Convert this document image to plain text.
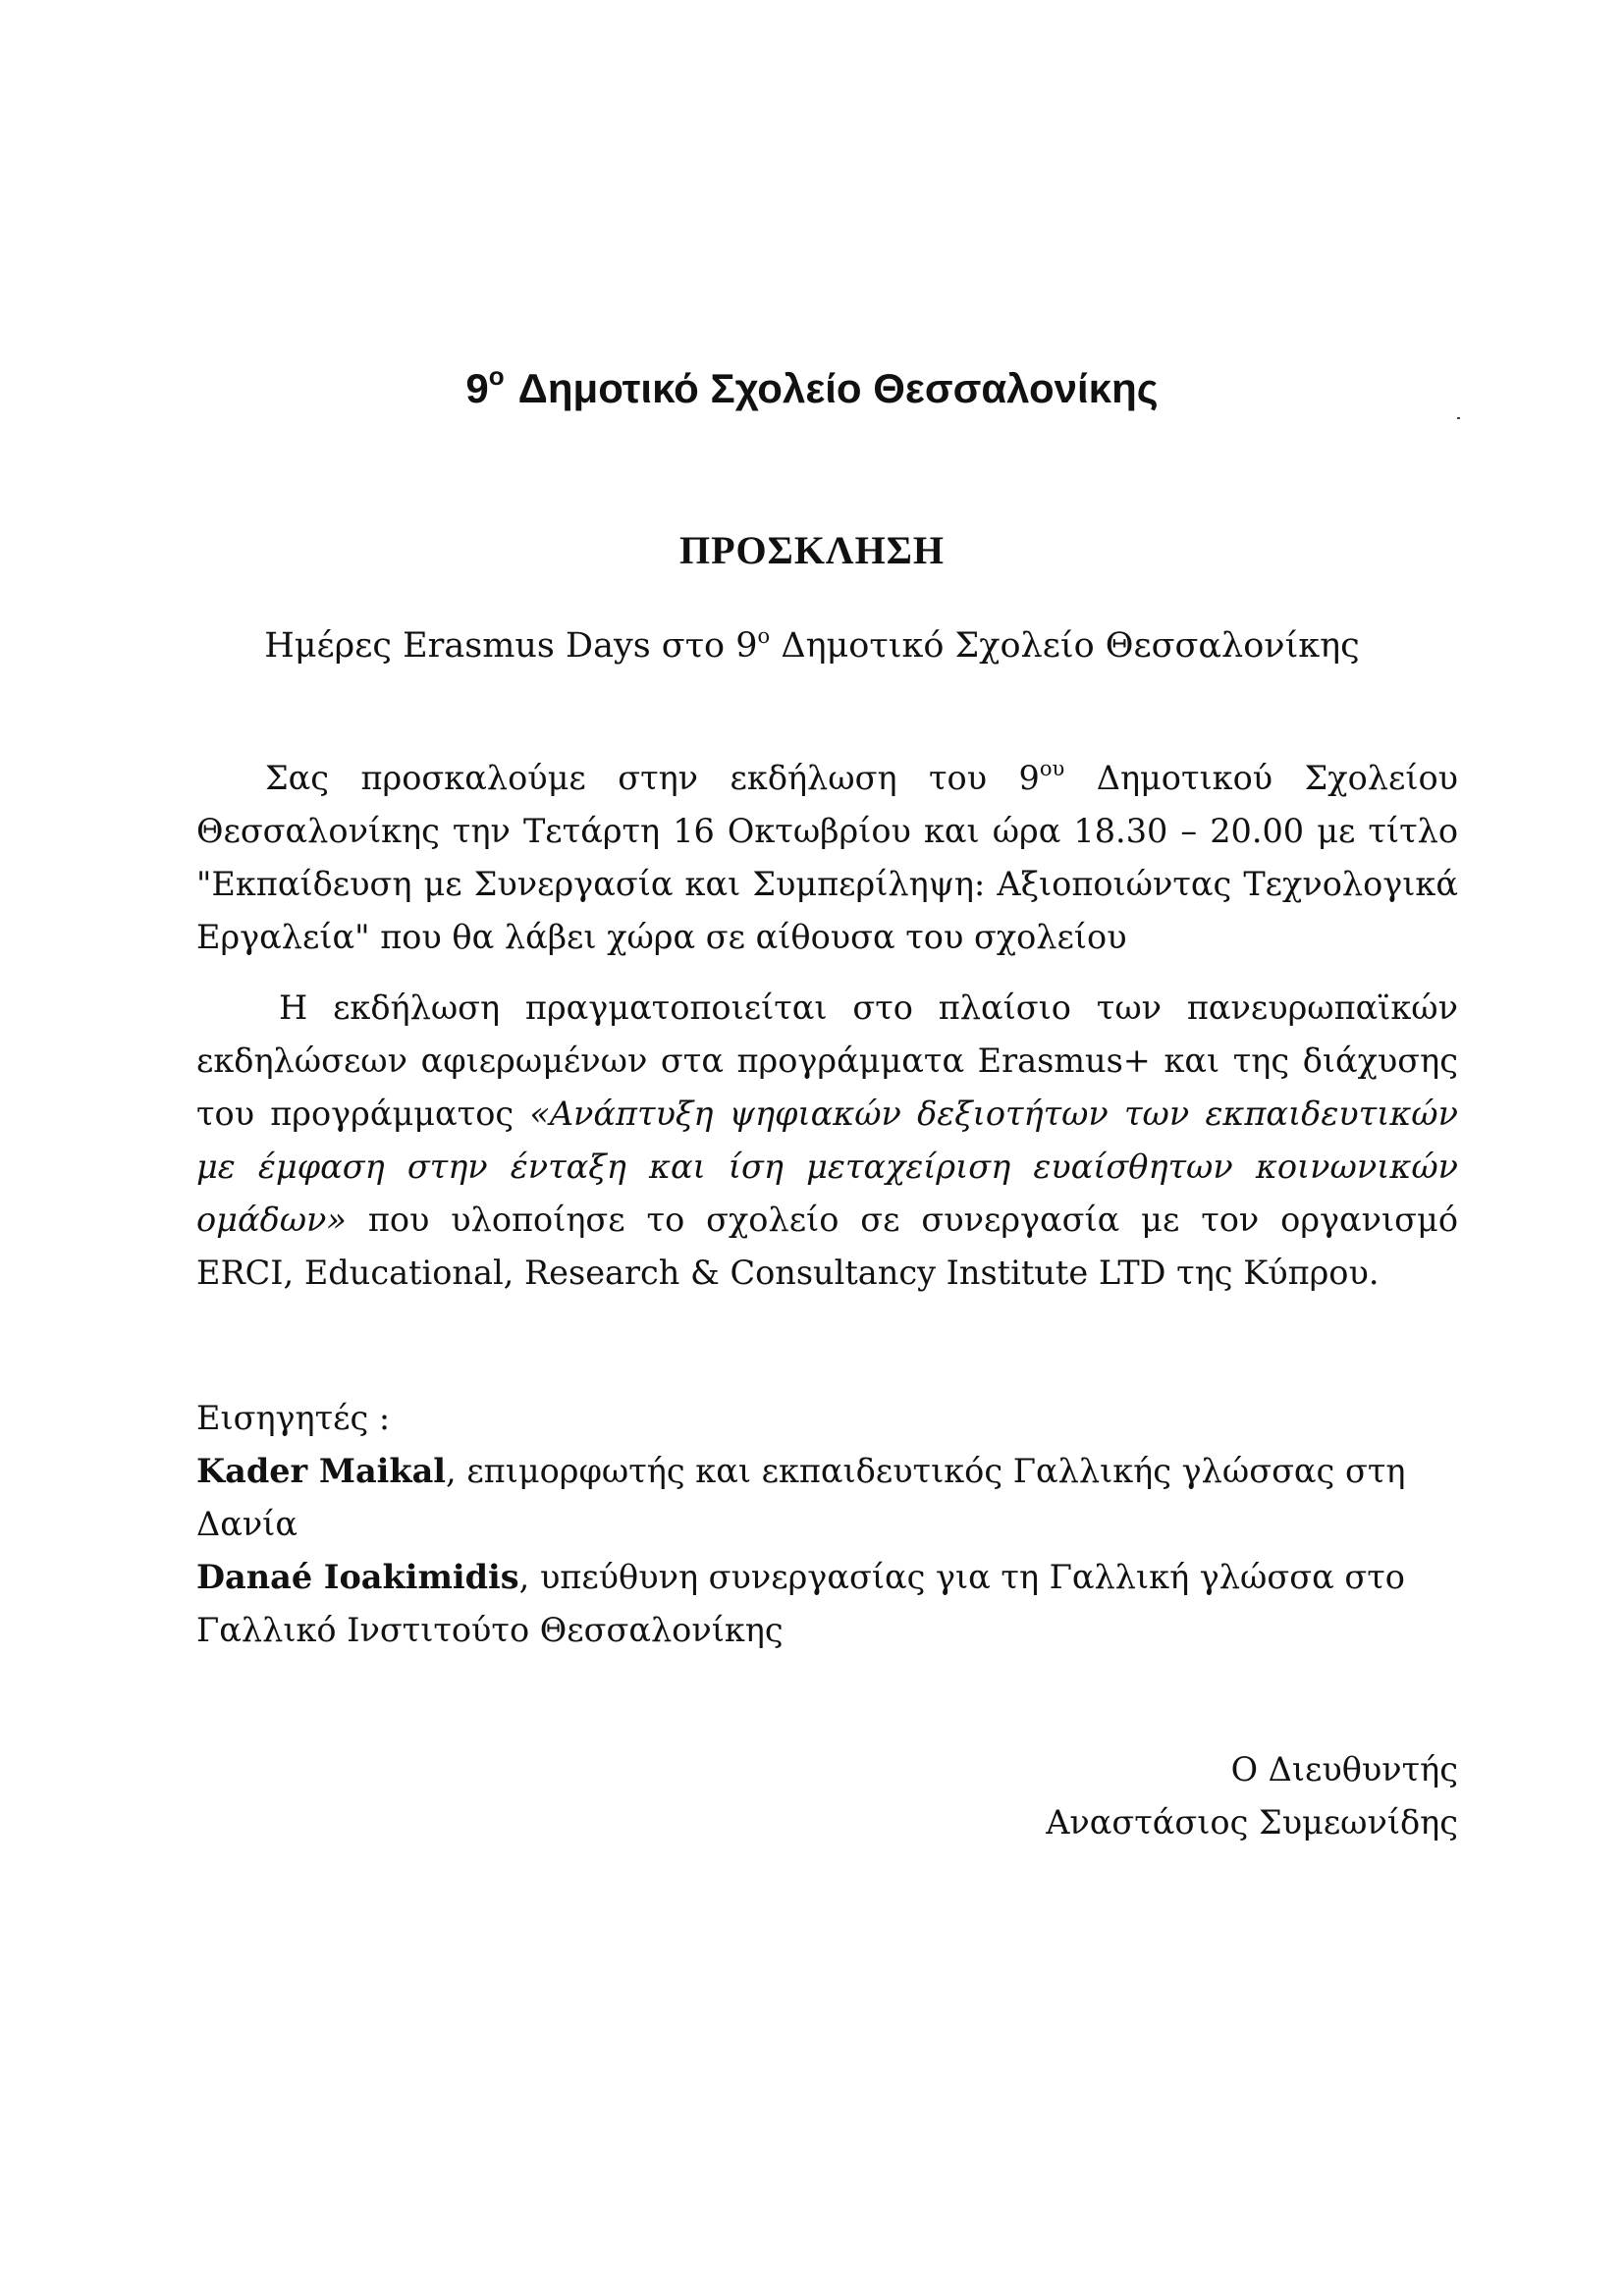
$9^o$ Δημοτικό Σχολείο Θεσσαλονίκης
ΠΡΟΣΚΛΗΣΗ

Ημέρες Erasmus Days στο $9^o$ Δημοτικό Σχολείο Θεσσαλονίκης

Σας προσκαλούμε στην εκδήλωση του $9^{o\upsilon}$ Δημοτικού Σχολείου Θεσσαλονίκης την Τετάρτη 16 Οκτωβρίου και ώρα 18.30 – 20.00 με τίτλο "Εκπαίδευση με Συνεργασία και Συμπερίληψη: Αξιοποιώντας Τεχνολογικά Εργαλεία" που θα λάβει χώρα σε αίθουσα του σχολείου

Η εκδήλωση πραγματοποιείται στο πλαίσιο των πανευρωπαϊκών εκδηλώσεων αφιερωμένων στα προγράμματα Erasmus+ και της διάχυσης του προγράμματος «Ανάπτυξη ψηφιακών δεξιοτήτων των εκπαιδευτικών με έμφαση στην ένταξη και ίση μεταχείριση ευαίσθητων κοινωνικών ομάδων» που υλοποίησε το σχολείο σε συνεργασία με τον οργανισμό ERCI, Educational, Research & Consultancy Institute LTD της Κύπρου.

Εισηγητές :
Kader Maikal, επιμορφωτής και εκπαιδευτικός Γαλλικής γλώσσας στη Δανία
Danaé Ioakimidis, υπεύθυνη συνεργασίας για τη Γαλλική γλώσσα στο Γαλλικό Ινστιτούτο Θεσσαλονίκης
Ο Διευθυντής
Αναστάσιος Συμεωνίδης
